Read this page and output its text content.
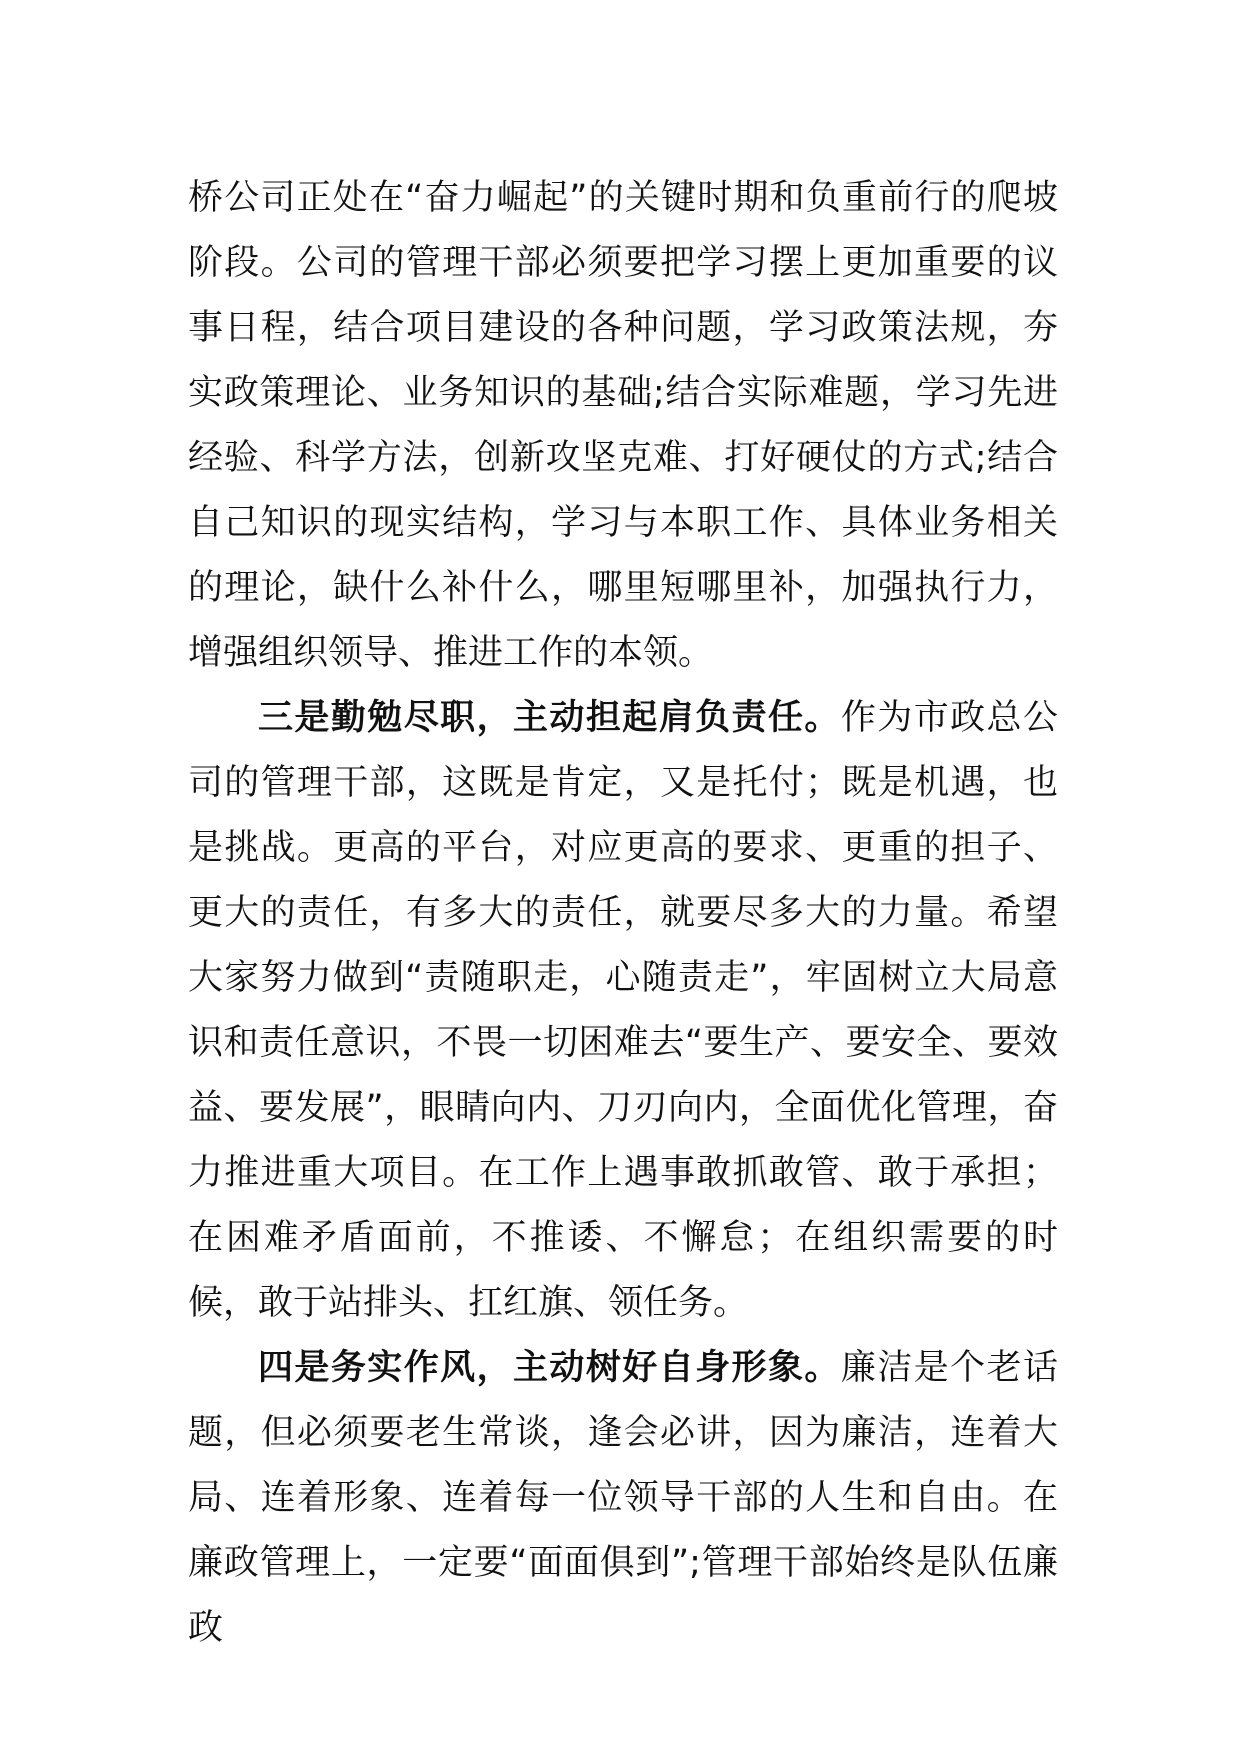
桥公司正处在“奋力崛起”的关键时期和负重前行的爬坡阶段。公司的管理干部必须要把学习摆上更加重要的议事日程，结合项目建设的各种问题，学习政策法规，夯实政策理论、业务知识的基础;结合实际难题，学习先进经验、科学方法，创新攻坚克难、打好硬仗的方式;结合自己知识的现实结构，学习与本职工作、具体业务相关的理论，缺什么补什么，哪里短哪里补，加强执行力，增强组织领导、推进工作的本领。

三是勤勉尽职，主动担起肩负责任。作为市政总公司的管理干部，这既是肯定，又是托付；既是机遇，也是挑战。更高的平台，对应更高的要求、更重的担子、更大的责任，有多大的责任，就要尽多大的力量。希望大家努力做到“责随职走，心随责走”，牢固树立大局意识和责任意识，不畏一切困难去“要生产、要安全、要效益、要发展”，眼睛向内、刀刃向内，全面优化管理，奋力推进重大项目。在工作上遇事敢抓敢管、敢于承担；在困难矛盾面前，不推诿、不懈怠；在组织需要的时候，敢于站排头、扛红旗、领任务。

四是务实作风，主动树好自身形象。廉洁是个老话题，但必须要老生常谈，逢会必讲，因为廉洁，连着大局、连着形象、连着每一位领导干部的人生和自由。在廉政管理上，一定要“面面俱到”;管理干部始终是队伍廉政
